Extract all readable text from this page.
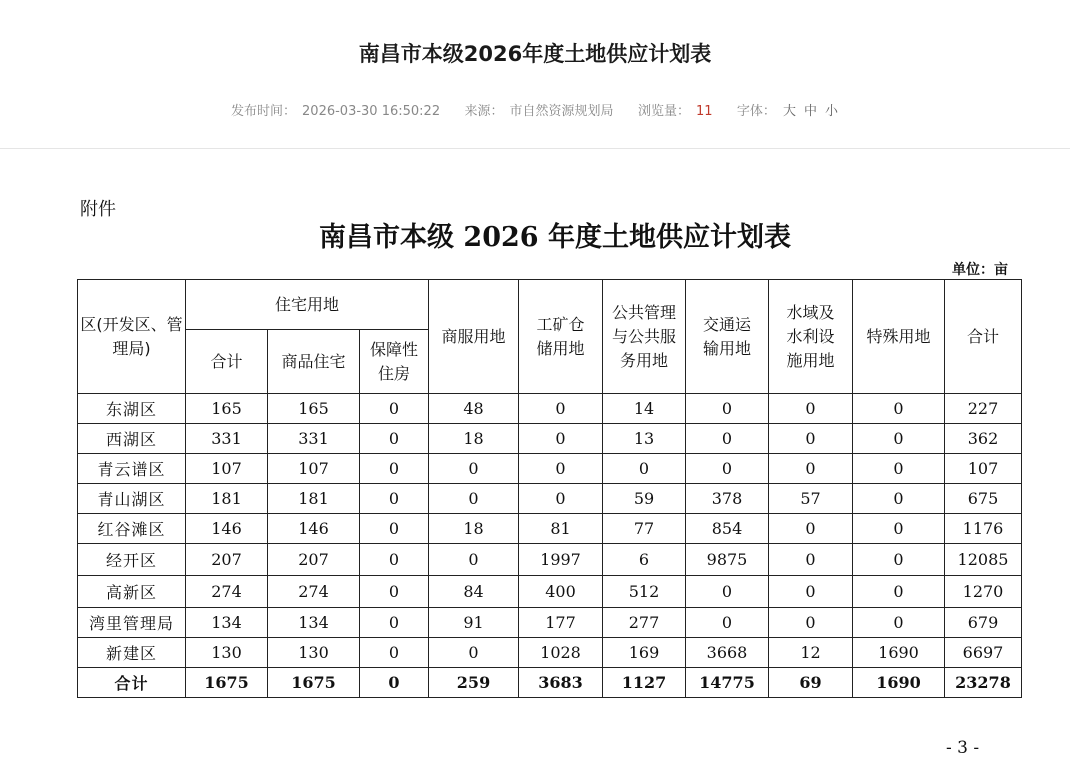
南昌市本级2026年度土地供应计划表
发布时间： 2026-03-30 16:50:22 来源： 市自然资源规划局 浏览量： 11 字体： 大 中 小
附件
南昌市本级 2026 年度土地供应计划表
单位：亩
区(开发区、管理局)	住宅用地			商服用地	工矿仓储用地	公共管理与公共服务用地	交通运输用地	水域及水利设施用地	特殊用地	合计
	合计	商品住宅	保障性住房							
东湖区	165	165	0	48	0	14	0	0	0	227
西湖区	331	331	0	18	0	13	0	0	0	362
青云谱区	107	107	0	0	0	0	0	0	0	107
青山湖区	181	181	0	0	0	59	378	57	0	675
红谷滩区	146	146	0	18	81	77	854	0	0	1176
经开区	207	207	0	0	1997	6	9875	0	0	12085
高新区	274	274	0	84	400	512	0	0	0	1270
湾里管理局	134	134	0	91	177	277	0	0	0	679
新建区	130	130	0	0	1028	169	3668	12	1690	6697
合计	1675	1675	0	259	3683	1127	14775	69	1690	23278
- 3 -
